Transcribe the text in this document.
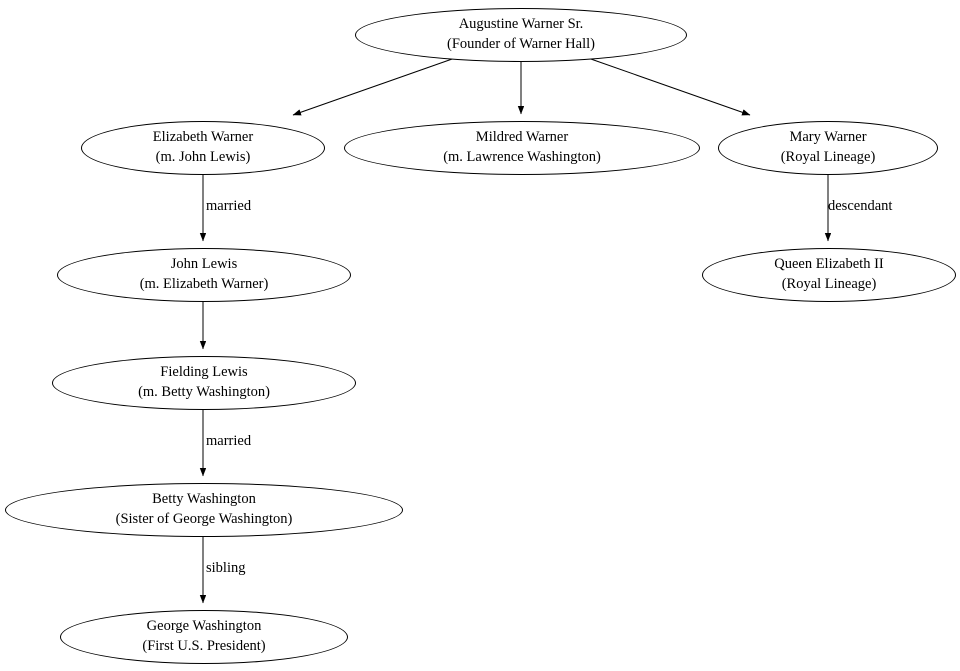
Augustine Warner Sr.
(Founder of Warner Hall)
Elizabeth Warner
(m. John Lewis)
Mildred Warner
(m. Lawrence Washington)
Mary Warner
(Royal Lineage)
John Lewis
(m. Elizabeth Warner)
Queen Elizabeth II
(Royal Lineage)
Fielding Lewis
(m. Betty Washington)
Betty Washington
(Sister of George Washington)
George Washington
(First U.S. President)
married	descendant
married
sibling
